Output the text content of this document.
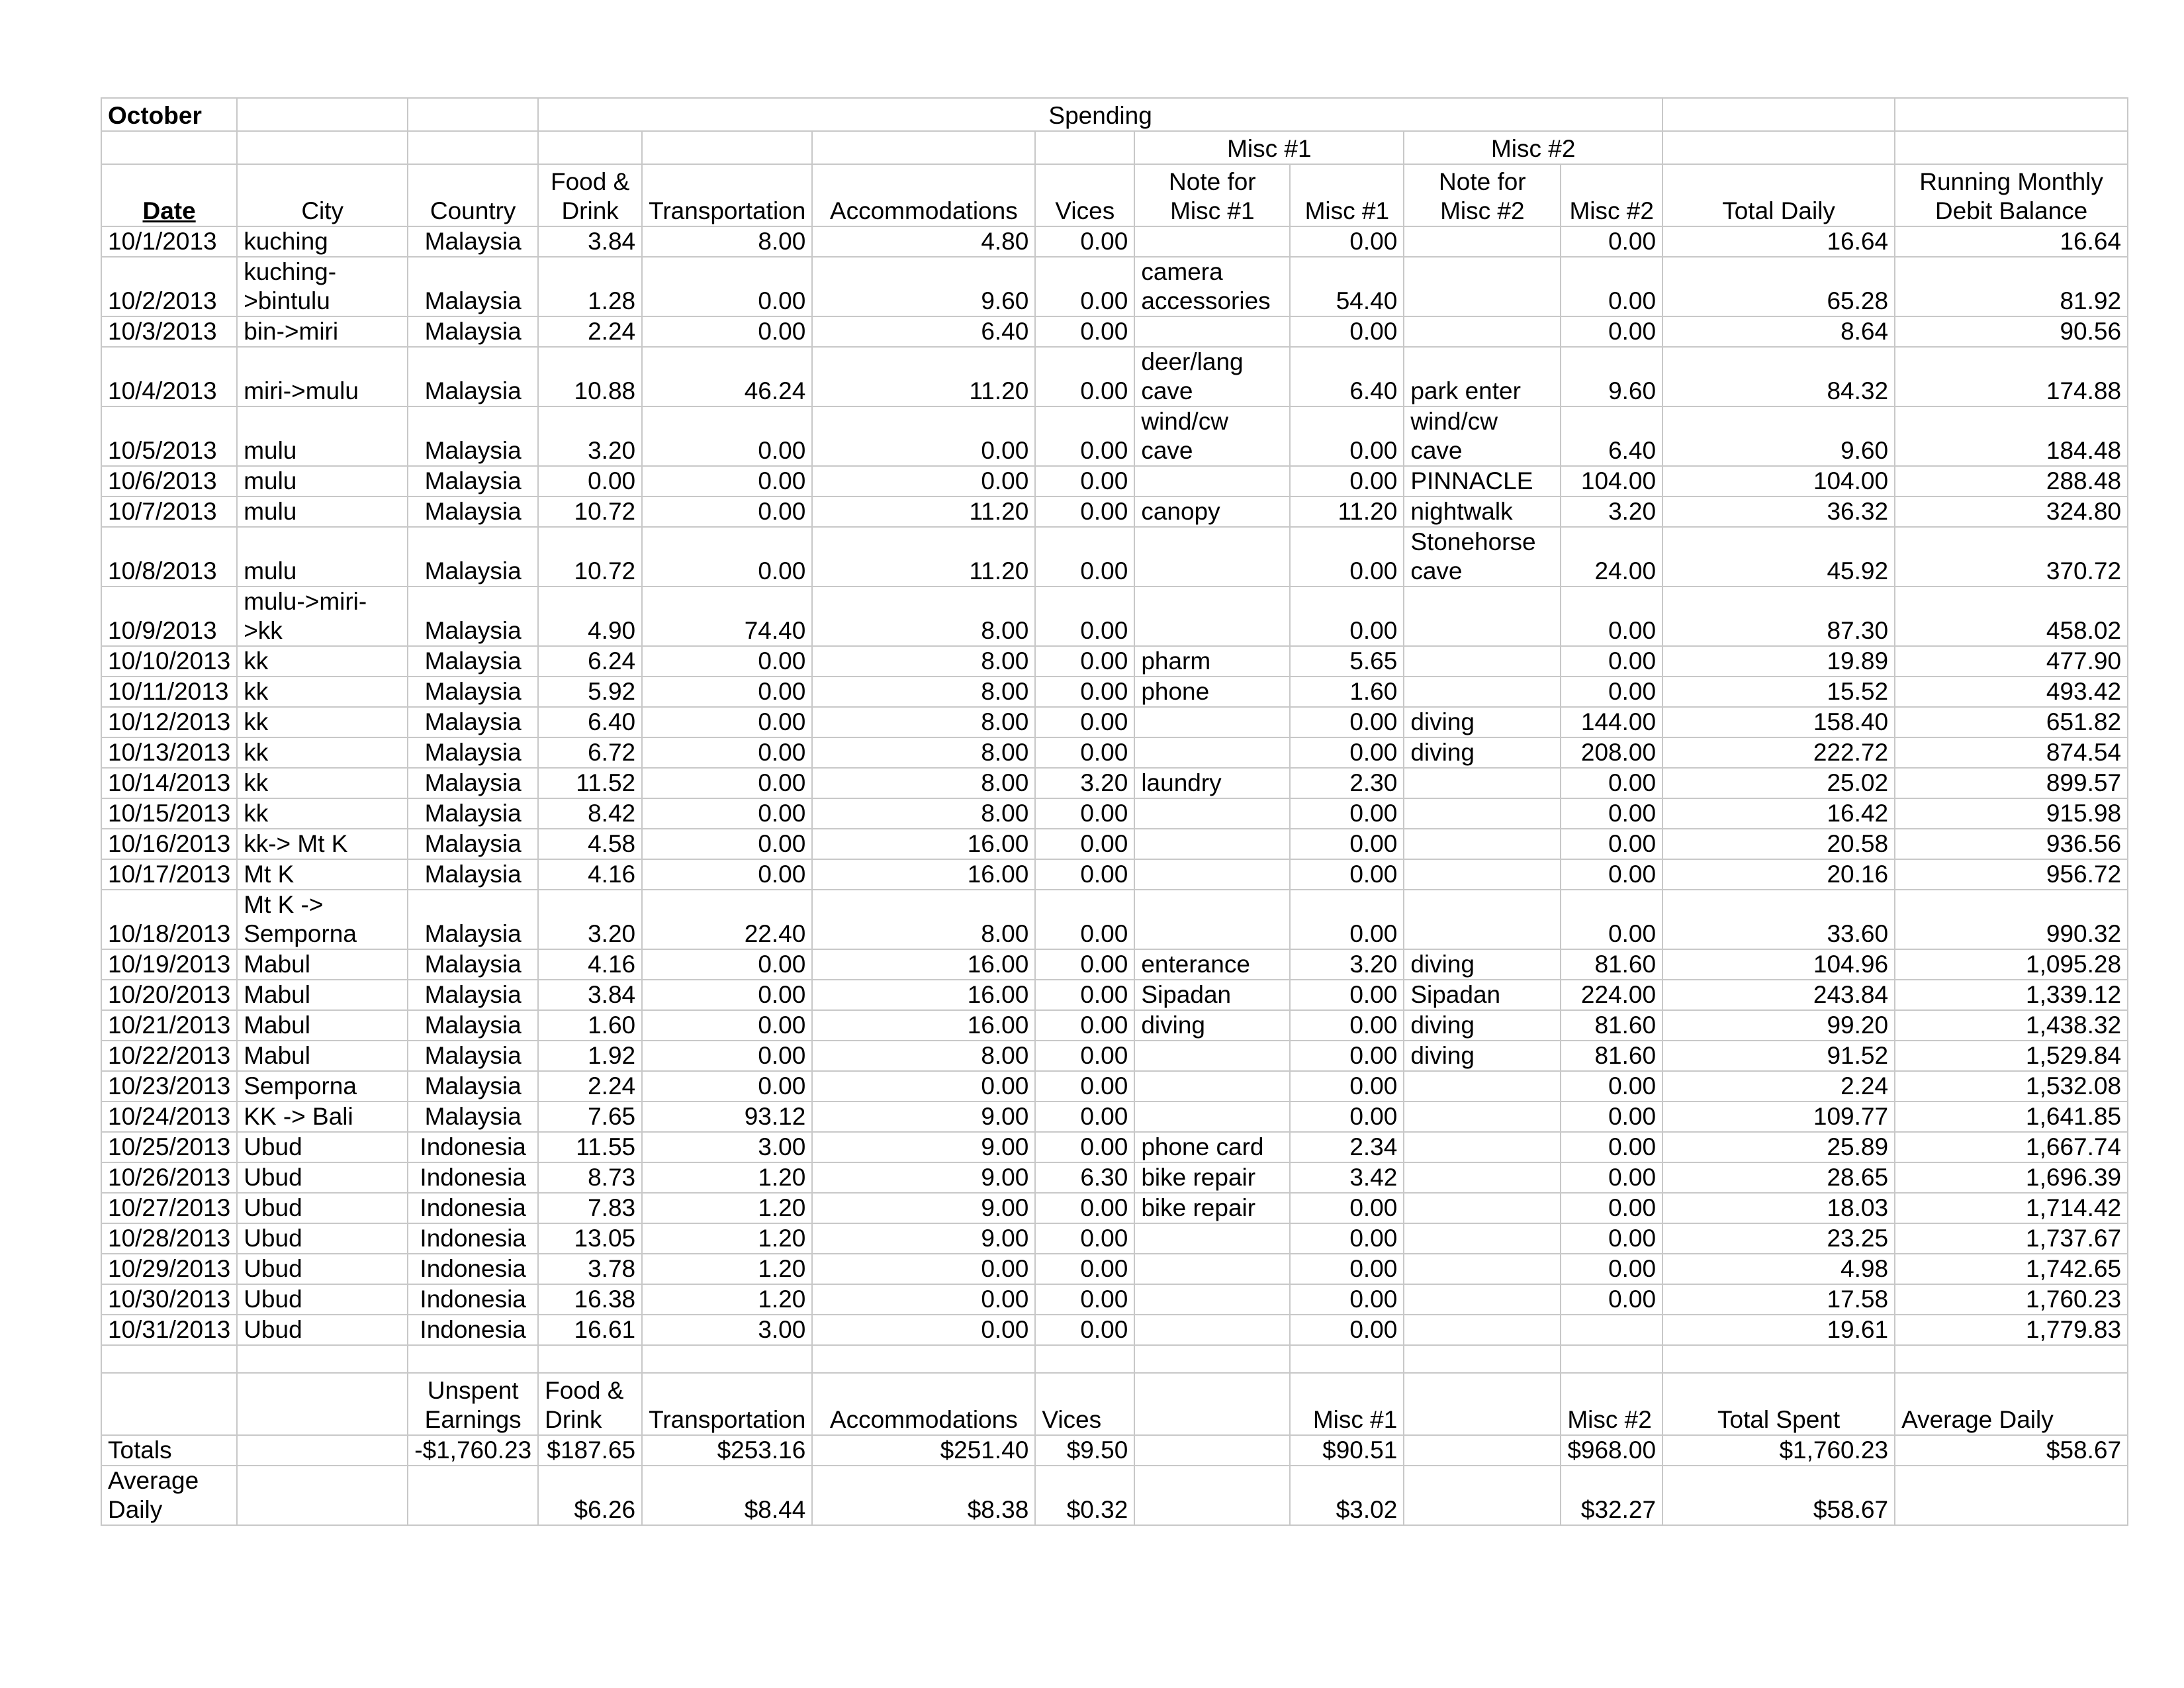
October			Spending									
							Misc #1		Misc #2			
Date	City	Country	Food & Drink	Transportation	Accommodations	Vices	Note for Misc #1	Misc #1	Note for Misc #2	Misc #2	Total Daily	Running Monthly Debit Balance
10/1/2013	kuching	Malaysia	3.84	8.00	4.80	0.00		0.00		0.00	16.64	16.64
10/2/2013	kuching->bintulu	Malaysia	1.28	0.00	9.60	0.00	camera accessories	54.40		0.00	65.28	81.92
10/3/2013	bin->miri	Malaysia	2.24	0.00	6.40	0.00		0.00		0.00	8.64	90.56
10/4/2013	miri->mulu	Malaysia	10.88	46.24	11.20	0.00	deer/lang cave	6.40	park enter	9.60	84.32	174.88
10/5/2013	mulu	Malaysia	3.20	0.00	0.00	0.00	wind/cw cave	0.00	wind/cw cave	6.40	9.60	184.48
10/6/2013	mulu	Malaysia	0.00	0.00	0.00	0.00		0.00	PINNACLE	104.00	104.00	288.48
10/7/2013	mulu	Malaysia	10.72	0.00	11.20	0.00	canopy	11.20	nightwalk	3.20	36.32	324.80
10/8/2013	mulu	Malaysia	10.72	0.00	11.20	0.00		0.00	Stonehorse cave	24.00	45.92	370.72
10/9/2013	mulu->miri->kk	Malaysia	4.90	74.40	8.00	0.00		0.00		0.00	87.30	458.02
10/10/2013	kk	Malaysia	6.24	0.00	8.00	0.00	pharm	5.65		0.00	19.89	477.90
10/11/2013	kk	Malaysia	5.92	0.00	8.00	0.00	phone	1.60		0.00	15.52	493.42
10/12/2013	kk	Malaysia	6.40	0.00	8.00	0.00		0.00	diving	144.00	158.40	651.82
10/13/2013	kk	Malaysia	6.72	0.00	8.00	0.00		0.00	diving	208.00	222.72	874.54
10/14/2013	kk	Malaysia	11.52	0.00	8.00	3.20	laundry	2.30		0.00	25.02	899.57
10/15/2013	kk	Malaysia	8.42	0.00	8.00	0.00		0.00		0.00	16.42	915.98
10/16/2013	kk-> Mt K	Malaysia	4.58	0.00	16.00	0.00		0.00		0.00	20.58	936.56
10/17/2013	Mt K	Malaysia	4.16	0.00	16.00	0.00		0.00		0.00	20.16	956.72
10/18/2013	Mt K -> Semporna	Malaysia	3.20	22.40	8.00	0.00		0.00		0.00	33.60	990.32
10/19/2013	Mabul	Malaysia	4.16	0.00	16.00	0.00	enterance	3.20	diving	81.60	104.96	1,095.28
10/20/2013	Mabul	Malaysia	3.84	0.00	16.00	0.00	Sipadan	0.00	Sipadan	224.00	243.84	1,339.12
10/21/2013	Mabul	Malaysia	1.60	0.00	16.00	0.00	diving	0.00	diving	81.60	99.20	1,438.32
10/22/2013	Mabul	Malaysia	1.92	0.00	8.00	0.00		0.00	diving	81.60	91.52	1,529.84
10/23/2013	Semporna	Malaysia	2.24	0.00	0.00	0.00		0.00		0.00	2.24	1,532.08
10/24/2013	KK -> Bali	Malaysia	7.65	93.12	9.00	0.00		0.00		0.00	109.77	1,641.85
10/25/2013	Ubud	Indonesia	11.55	3.00	9.00	0.00	phone card	2.34		0.00	25.89	1,667.74
10/26/2013	Ubud	Indonesia	8.73	1.20	9.00	6.30	bike repair	3.42		0.00	28.65	1,696.39
10/27/2013	Ubud	Indonesia	7.83	1.20	9.00	0.00	bike repair	0.00		0.00	18.03	1,714.42
10/28/2013	Ubud	Indonesia	13.05	1.20	9.00	0.00		0.00		0.00	23.25	1,737.67
10/29/2013	Ubud	Indonesia	3.78	1.20	0.00	0.00		0.00		0.00	4.98	1,742.65
10/30/2013	Ubud	Indonesia	16.38	1.20	0.00	0.00		0.00		0.00	17.58	1,760.23
10/31/2013	Ubud	Indonesia	16.61	3.00	0.00	0.00		0.00			19.61	1,779.83

		Unspent Earnings	Food & Drink	Transportation	Accommodations	Vices		Misc #1		Misc #2	Total Spent	Average Daily
Totals		-$1,760.23	$187.65	$253.16	$251.40	$9.50		$90.51		$968.00	$1,760.23	$58.67
Average Daily			$6.26	$8.44	$8.38	$0.32		$3.02		$32.27	$58.67	
